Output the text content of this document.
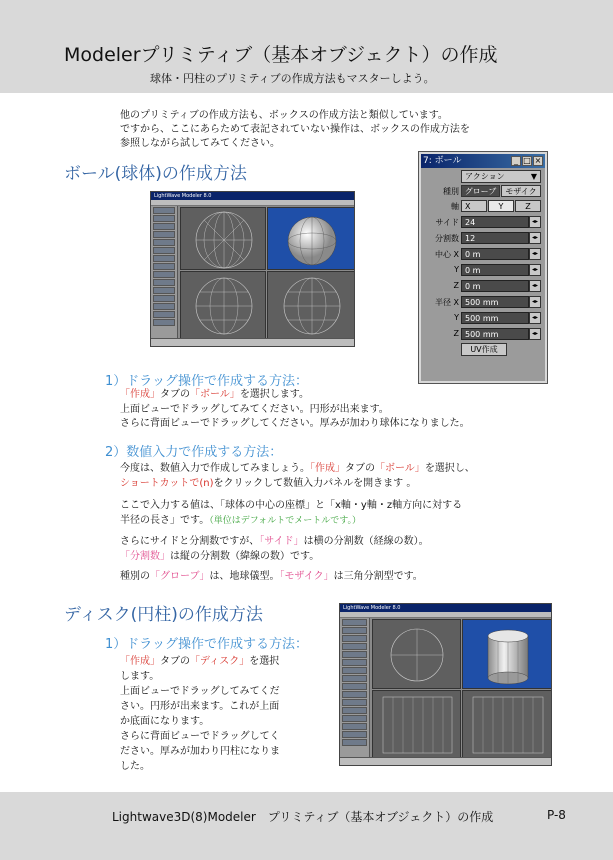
Modelerプリミティブ（基本オブジェクト）の作成
球体・円柱のプリミティブの作成方法もマスターしよう。
他のプリミティブの作成方法も、ボックスの作成方法と類似しています。
ですから、ここにあらためて表記されていない操作は、ボックスの作成方法を
参照しながら試してみてください。
ボール(球体)の作成方法
LightWave Modeler 8.0
7: ボール	_ □ ×
アクション	▼
種別 グローブ	モザイク
軸 X	Y	Z
サイド 24	◂▸
分割数 12	◂▸
中心 X 0 m	◂▸
Y 0 m	◂▸
Z 0 m	◂▸
半径 X 500 mm	◂▸
Y 500 mm	◂▸
Z 500 mm	◂▸
UV作成
1）ドラッグ操作で作成する方法：
「作成」タブの「ボール」を選択します。
上面ビューでドラッグしてみてください。円形が出来ます。
さらに背面ビューでドラッグしてください。厚みが加わり球体になりました。
2）数値入力で作成する方法：
今度は、数値入力で作成してみましょう。「作成」タブの「ボール」を選択し、
ショートカットで(n)をクリックして数値入力パネルを開きます 。
ここで入力する値は、「球体の中心の座標」と「x軸・y軸・z軸方向に対する
半径の長さ」です。（単位はデフォルトでメートルです。）
さらにサイドと分割数ですが、「サイド」は横の分割数（経線の数）。
「分割数」は縦の分割数（緯線の数）です。
種別の「グローブ」は、地球儀型。「モザイク」は三角分割型です。
ディスク(円柱)の作成方法
1）ドラッグ操作で作成する方法：
「作成」タブの「ディスク」を選択
します。
上面ビューでドラッグしてみてくだ
さい。円形が出来ます。これが上面
か底面になります。
さらに背面ビューでドラッグしてく
ださい。厚みが加わり円柱になりま
した。
LightWave Modeler 8.0
Lightwave3D(8)Modeler　プリミティブ（基本オブジェクト）の作成	P-8
